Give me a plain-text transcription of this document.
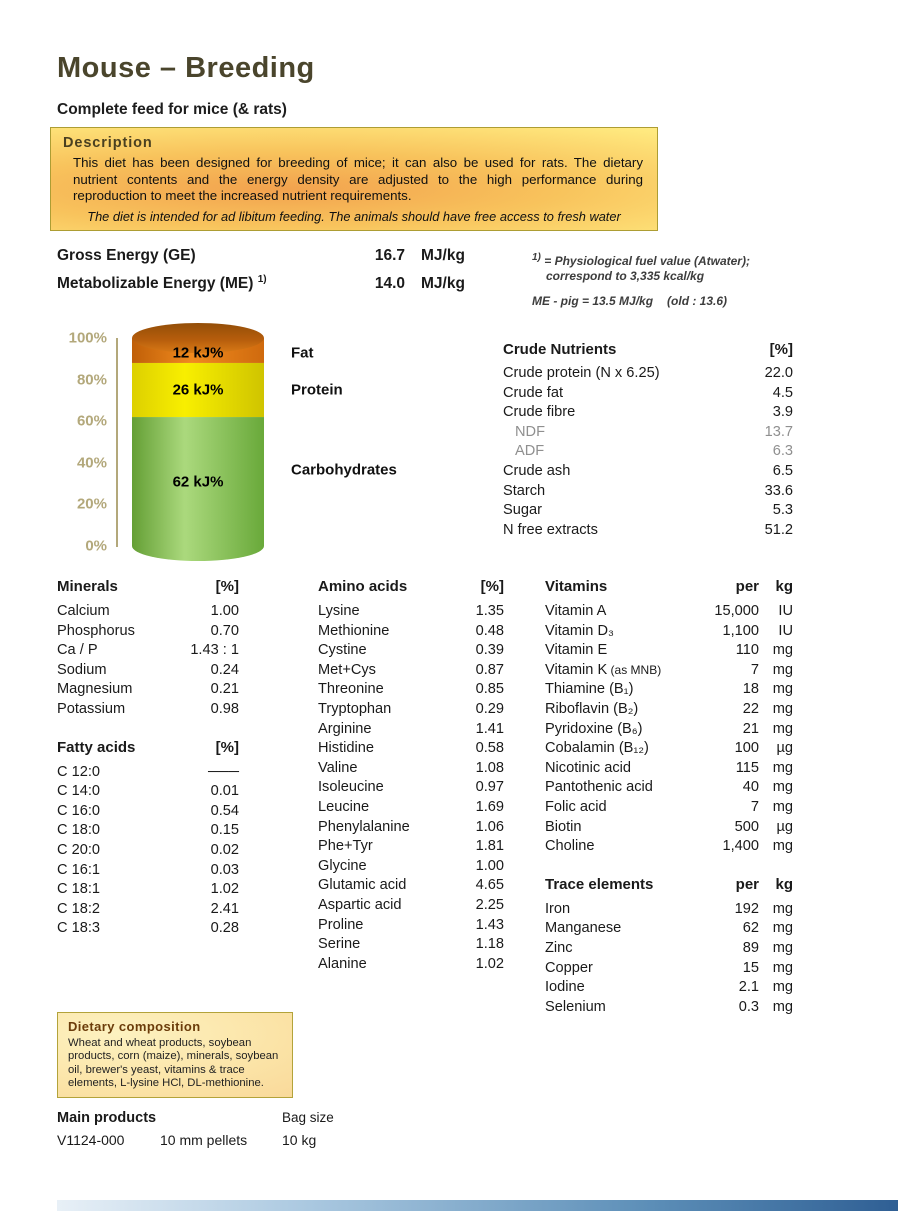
Mouse – Breeding
Complete feed for mice (& rats)
Description
This diet has been designed for breeding of mice; it can also be used for rats. The dietary nutrient contents and the energy density are adjusted to the high performance during reproduction to meet the increased nutrient requirements.
The diet is intended for ad libitum feeding. The animals should have free access to fresh water
Gross Energy (GE)	16.7 MJ/kg
Metabolizable Energy (ME) $^{1)}$	14.0 MJ/kg
$^{1)}$ = Physiological fuel value (Atwater);
correspond to 3,335 kcal/kg
ME - pig = 13.5 MJ/kg (old : 13.6)
100%
80%
60%
40%
20%
0%
12 kJ%	Fat
26 kJ%	Protein
62 kJ%
Carbohydrates
Crude Nutrients	[%]
Crude protein (N x 6.25)	22.0
Crude fat	4.5
Crude fibre	3.9
NDF	13.7
ADF	6.3
Crude ash	6.5
Starch	33.6
Sugar	5.3
N free extracts	51.2
Minerals	[%]
Calcium	1.00
Phosphorus	0.70
Ca / P	1.43 : 1
Sodium	0.24
Magnesium	0.21
Potassium	0.98
Fatty acids	[%]
C 12:0	───
C 14:0	0.01
C 16:0	0.54
C 18:0	0.15
C 20:0	0.02
C 16:1	0.03
C 18:1	1.02
C 18:2	2.41
C 18:3	0.28
Amino acids	[%]
Lysine	1.35
Methionine	0.48
Cystine	0.39
Met+Cys	0.87
Threonine	0.85
Tryptophan	0.29
Arginine	1.41
Histidine	0.58
Valine	1.08
Isoleucine	0.97
Leucine	1.69
Phenylalanine	1.06
Phe+Tyr	1.81
Glycine	1.00
Glutamic acid	4.65
Aspartic acid	2.25
Proline	1.43
Serine	1.18
Alanine	1.02
Vitamins	per	kg
Vitamin A	15,000	IU
Vitamin D₃	1,100	IU
Vitamin E	110 mg
Vitamin K (as MNB)	7 mg
Thiamine (B₁)	18 mg
Riboflavin (B₂)	22 mg
Pyridoxine (B₆)	21 mg
Cobalamin (B₁₂)	100	µg
Nicotinic acid	115 mg
Pantothenic acid	40 mg
Folic acid	7 mg
Biotin	500	µg
Choline	1,400 mg
Trace elements	per	kg
Iron	192 mg
Manganese	62 mg
Zinc	89 mg
Copper	15 mg
Iodine	2.1 mg
Selenium	0.3 mg
Dietary composition
Wheat and wheat products, soybean products, corn (maize), minerals, soybean oil, brewer's yeast, vitamins & trace elements, L-lysine HCl, DL-methionine.
Main products	Bag size
V1124-000	10 mm pellets	10 kg
